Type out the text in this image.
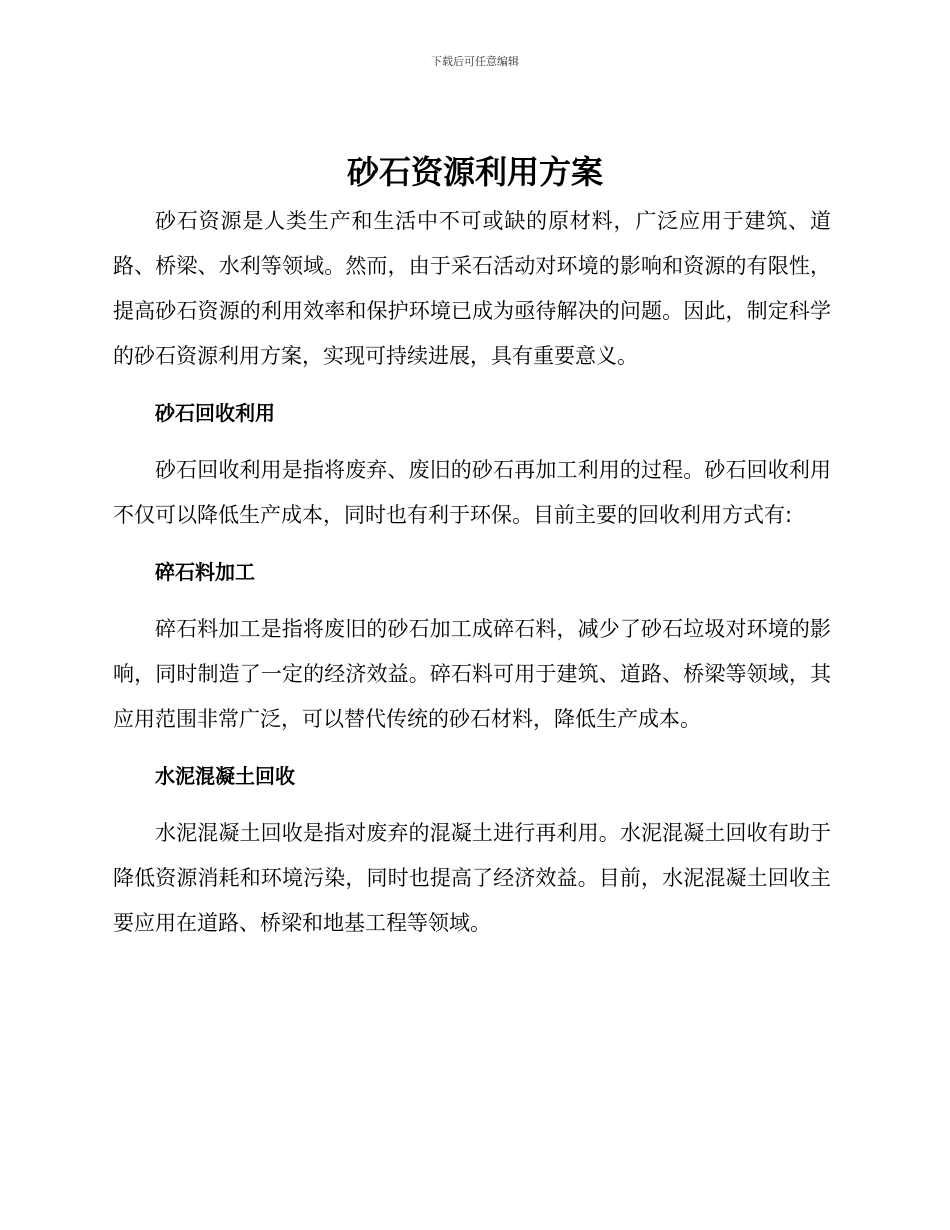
下载后可任意编辑
砂石资源利用方案

砂石资源是人类生产和生活中不可或缺的原材料，广泛应用于建筑、道路、桥梁、水利等领域。然而，由于采石活动对环境的影响和资源的有限性，提高砂石资源的利用效率和保护环境已成为亟待解决的问题。因此，制定科学的砂石资源利用方案，实现可持续进展，具有重要意义。

砂石回收利用

砂石回收利用是指将废弃、废旧的砂石再加工利用的过程。砂石回收利用不仅可以降低生产成本，同时也有利于环保。目前主要的回收利用方式有:

碎石料加工

碎石料加工是指将废旧的砂石加工成碎石料，减少了砂石垃圾对环境的影响，同时制造了一定的经济效益。碎石料可用于建筑、道路、桥梁等领域，其应用范围非常广泛，可以替代传统的砂石材料，降低生产成本。

水泥混凝土回收

水泥混凝土回收是指对废弃的混凝土进行再利用。水泥混凝土回收有助于降低资源消耗和环境污染，同时也提高了经济效益。目前，水泥混凝土回收主要应用在道路、桥梁和地基工程等领域。
